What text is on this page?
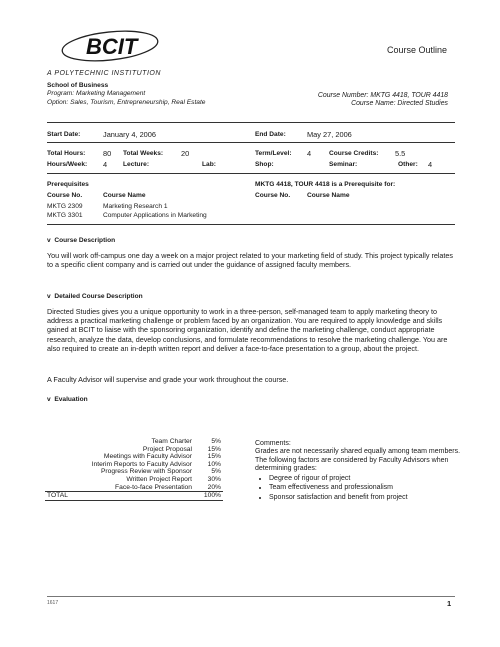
BCIT
A POLYTECHNIC INSTITUTION
Course Outline
School of Business
Program: Marketing Management
Option: Sales, Tourism, Entrepreneurship, Real Estate
Course Number: MKTG 4418, TOUR 4418
Course Name: Directed Studies
Start Date:	January 4, 2006	End Date:	May 27, 2006
Total Hours: 80 Total Weeks: 20	Term/Level: 4	Course Credits: 5.5
Hours/Week: 4 Lecture:	Lab:	Shop:	Seminar:	Other: 4
Prerequisites
Course No.	Course Name
MKTG 2309	Marketing Research 1
MKTG 3301	Computer Applications in Marketing
MKTG 4418, TOUR 4418 is a Prerequisite for:
Course No.	Course Name
v Course Description
You will work off-campus one day a week on a major project related to your marketing field of study. This project typically relates to a specific client company and is carried out under the guidance of assigned faculty members.
v Detailed Course Description
Directed Studies gives you a unique opportunity to work in a three-person, self-managed team to apply marketing theory to address a practical marketing challenge or problem faced by an organization. You are required to apply knowledge and skills gained at BCIT to liaise with the sponsoring organization, identify and define the marketing challenge, conduct appropriate research, analyze the data, develop conclusions, and formulate recommendations to resolve the marketing challenge. You are also required to create an in-depth written report and deliver a face-to-face presentation to a group, about the project.
A Faculty Advisor will supervise and grade your work throughout the course.
v Evaluation
Team Charter	5%
Project Proposal	15%
Meetings with Faculty Advisor	15%
Interim Reports to Faculty Advisor	10%
Progress Review with Sponsor	5%
Written Project Report	30%
Face-to-face Presentation	20%
TOTAL	100%
Comments:
Grades are not necessarily shared equally among team members. The following factors are considered by Faculty Advisors when determining grades:
• Degree of rigour of project
• Team effectiveness and professionalism
• Sponsor satisfaction and benefit from project
1617	1
